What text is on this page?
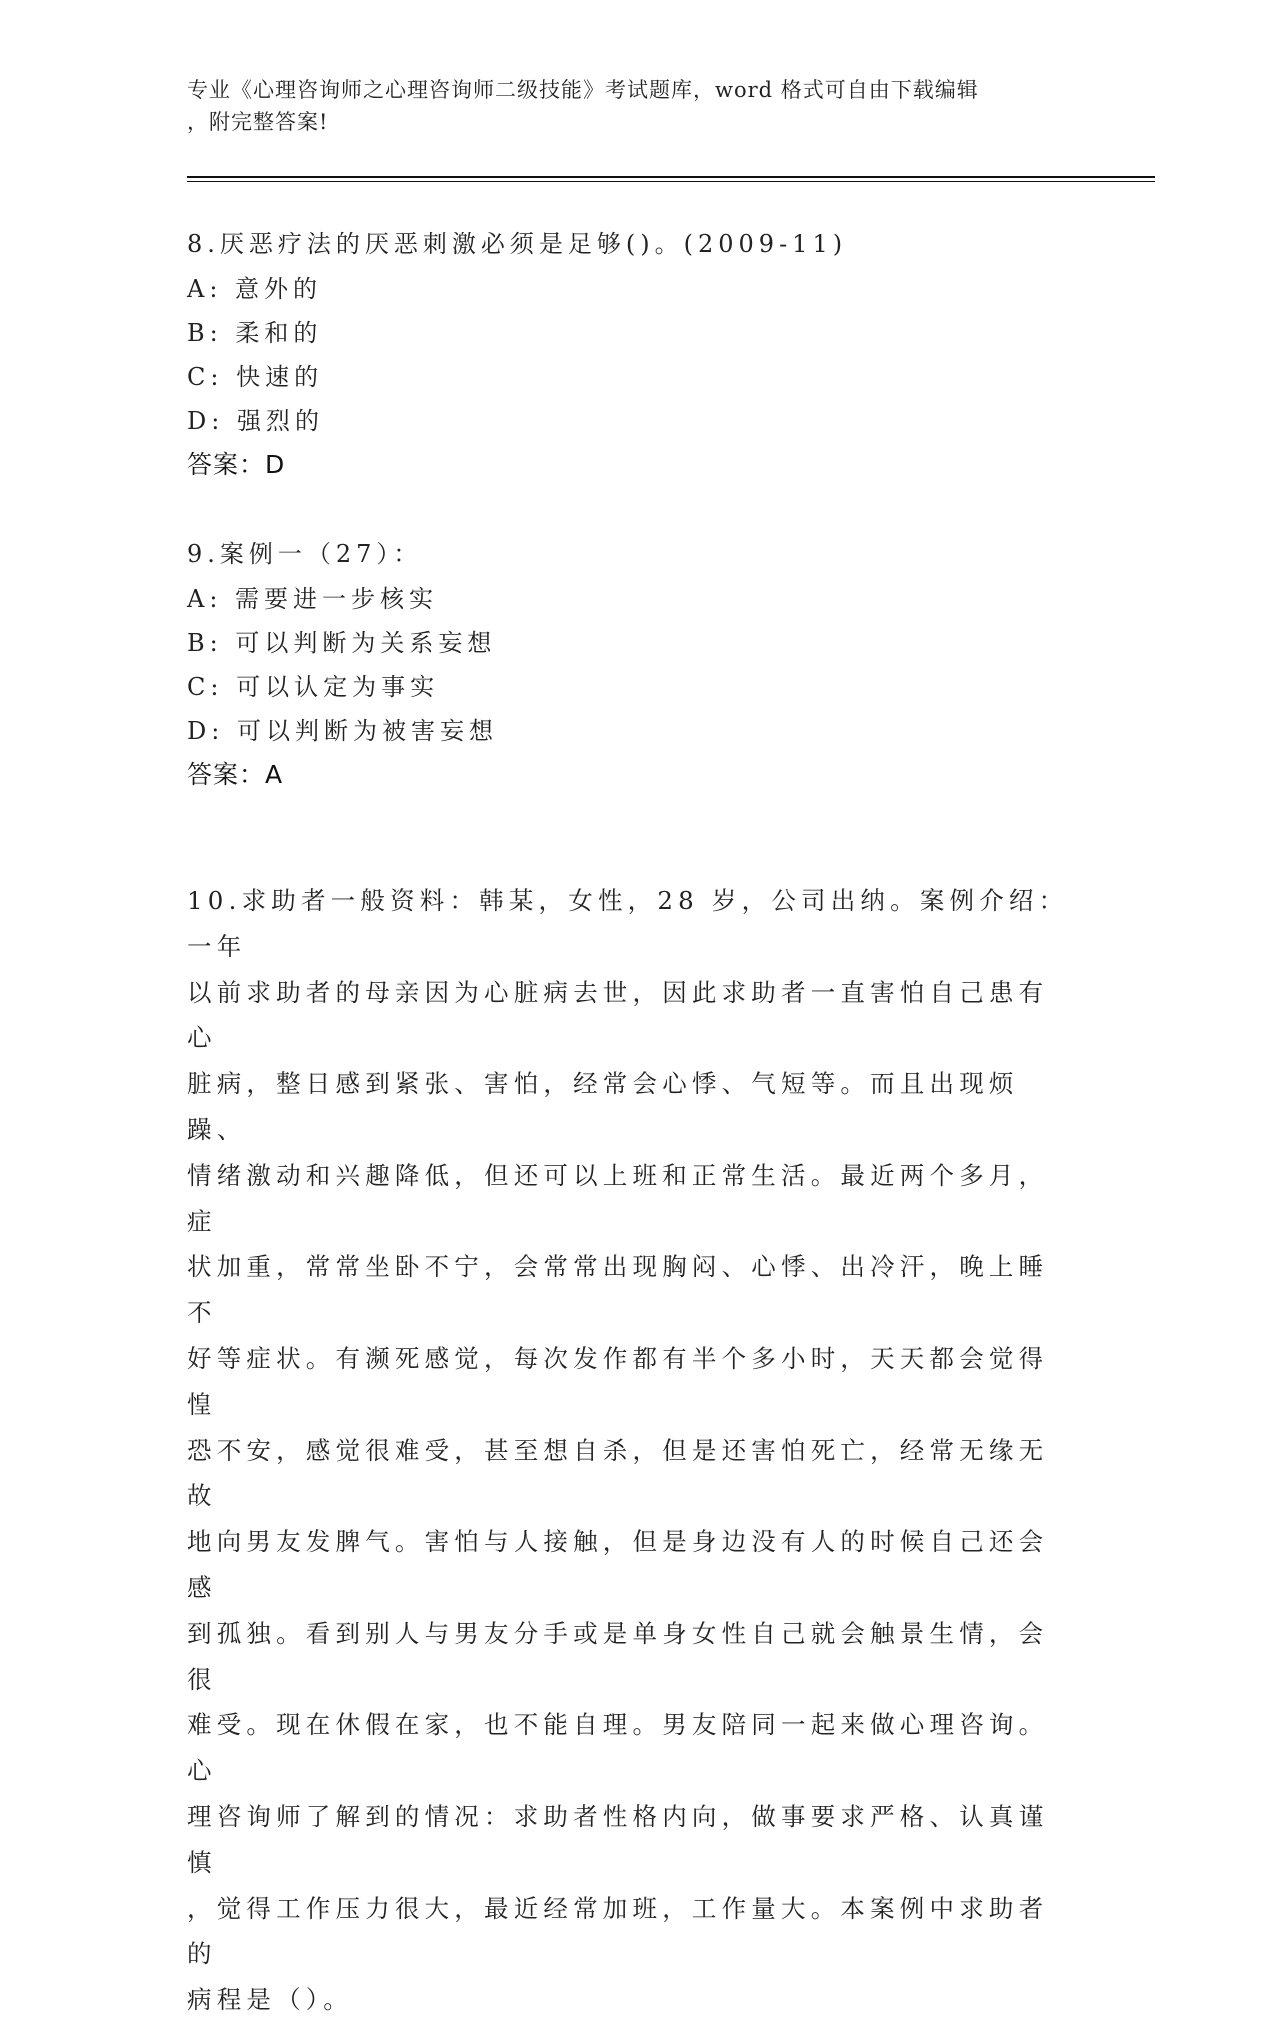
专业《心理咨询师之心理咨询师二级技能》考试题库，word 格式可自由下载编辑
，附完整答案!
8.厌恶疗法的厌恶刺激必须是足够()。(2009-11)
A: 意外的
B: 柔和的
C: 快速的
D: 强烈的
答案：D
9.案例一（27）：
A: 需要进一步核实
B: 可以判断为关系妄想
C: 可以认定为事实
D: 可以判断为被害妄想
答案：A
10.求助者一般资料：韩某，女性，28 岁，公司出纳。案例介绍：一年
以前求助者的母亲因为心脏病去世，因此求助者一直害怕自己患有心
脏病，整日感到紧张、害怕，经常会心悸、气短等。而且出现烦躁、
情绪激动和兴趣降低，但还可以上班和正常生活。最近两个多月，症
状加重，常常坐卧不宁，会常常出现胸闷、心悸、出冷汗，晚上睡不
好等症状。有濒死感觉，每次发作都有半个多小时，天天都会觉得惶
恐不安，感觉很难受，甚至想自杀，但是还害怕死亡，经常无缘无故
地向男友发脾气。害怕与人接触，但是身边没有人的时候自己还会感
到孤独。看到别人与男友分手或是单身女性自己就会触景生情，会很
难受。现在休假在家，也不能自理。男友陪同一起来做心理咨询。心
理咨询师了解到的情况：求助者性格内向，做事要求严格、认真谨慎
，觉得工作压力很大，最近经常加班，工作量大。本案例中求助者的
病程是（）。
